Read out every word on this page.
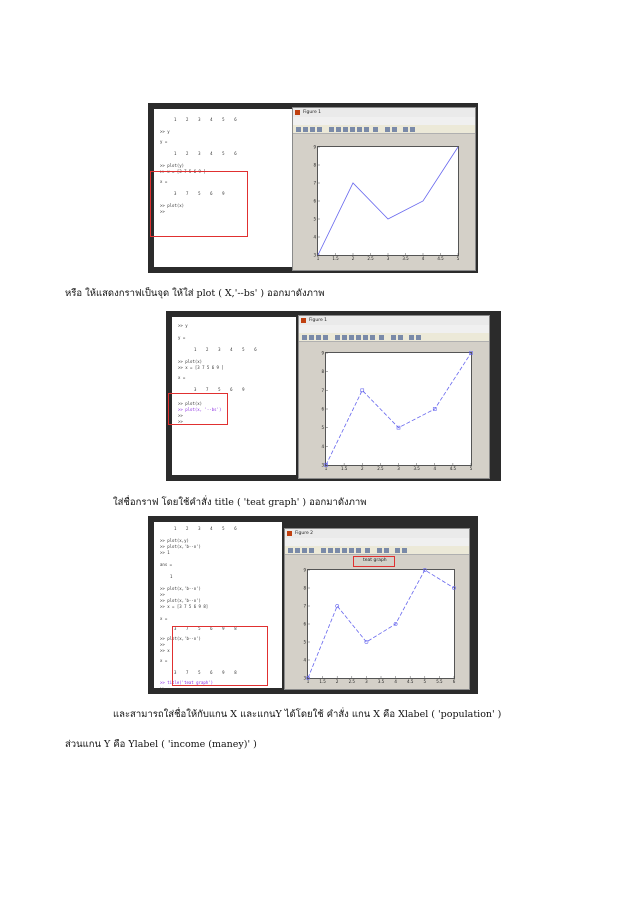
1    2    3    4    5    6
>> y
y =
1    2    3    4    5    6
>> plot(y)
>> x = [3 7 5 6 9 ]
x =
3    7    5    6    9
>> plot(x)
>>
Figure 1
1	1.5	2	2.5	3	3.5	4	4.5	5
3
4
5
6
7
8
9
หรือ ให้แสดงกราฟเป็นจุด ให้ใส่ plot ( X,'--bs' ) ออกมาดังภาพ
>> y
y =
1    2    3    4    5    6
>> plot(x)
>> x = [3 7 5 6 9 ]
x =
3    7    5    6    9
>> plot(x)
>> plot(x, '--bs')
>>
>>
Figure 1
1	1.5	2	2.5	3	3.5	4	4.5	5
3
4
5
6
7
8
9
ใส่ชื่อกราฟ โดยใช้คำสั่ง title ( 'teat graph' ) ออกมาดังภาพ
1    2    3    4    5    6
>> plot(x,y)
>> plot(x,'b--o')
>> 1
ans =
1
>> plot(x,'b--o')
>>
>> plot(x,'b--o')
>> x = [3 7 5 6 9 8]
x =
3    7    5    6    9    8
>> plot(x,'b--o')
>>
>> x
x =
3    7    5    6    9    8
>> title('teat graph')
>>
Figure 2
teat graph
1	1.5	2	2.5	3	3.5	4	4.5	5	5.5	6
3
4
5
6
7
8
9
และสามารถใส่ชื่อให้กับแกน X และแกนY ได้โดยใช้ คำสั่ง แกน X คือ Xlabel ( 'population' )
ส่วนแกน Y คือ Ylabel ( 'income (maney)' )
